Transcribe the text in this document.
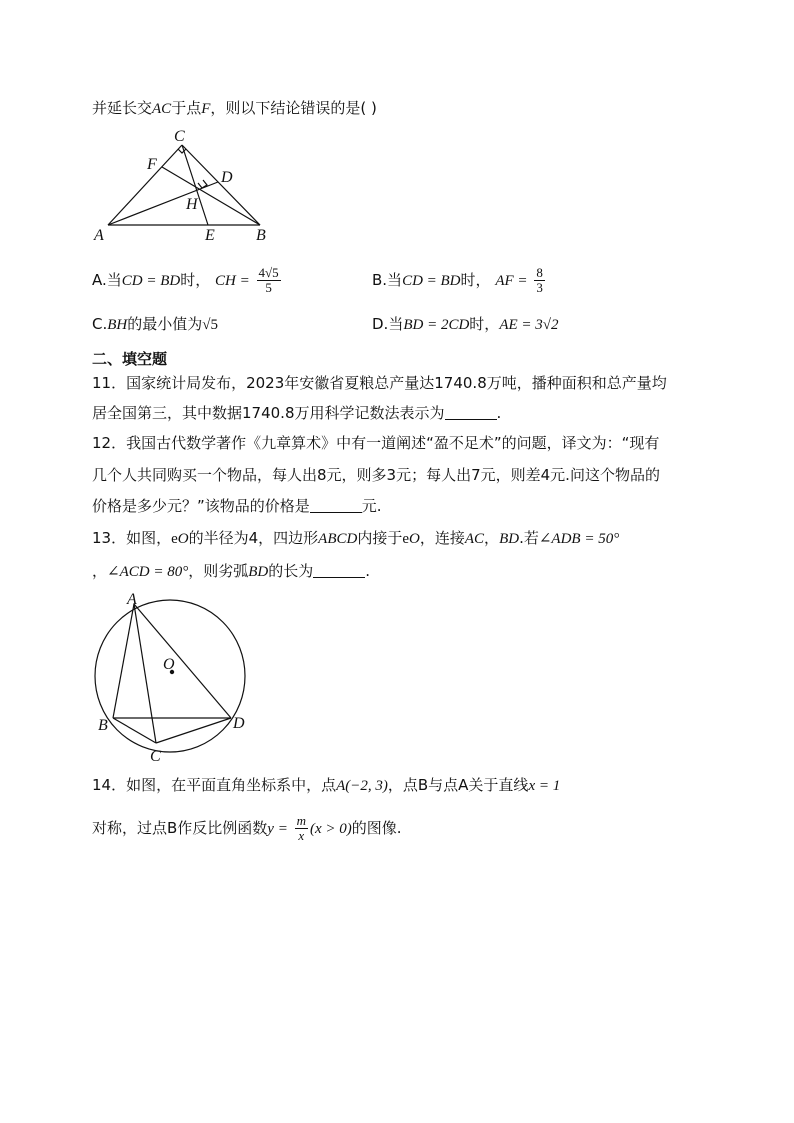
并延长交AC于点F，则以下结论错误的是( )
C
F
D
H
A	E	B
A.当CD = BD时， CH = $\frac{4√5}{5}$	B.当CD = BD时， AF = $\frac{8}{3}$
C.BH的最小值为√5	D.当BD = 2CD时，AE = 3√2
二、填空题
11．国家统计局发布，2023年安徽省夏粮总产量达1740.8万吨，播种面积和总产量均
居全国第三，其中数据1740.8万用科学记数法表示为	.
12．我国古代数学著作《九章算术》中有一道阐述“盈不足术”的问题，译文为：“现有
几个人共同购买一个物品，每人出8元，则多3元；每人出7元，则差4元.问这个物品的
价格是多少元？”该物品的价格是	元.
13．如图，eO的半径为4，四边形ABCD内接于eO，连接AC，BD.若∠ADB = 50°
，∠ACD = 80°，则劣弧BD的长为	.
A
O
B
C
D
14．如图，在平面直角坐标系中，点A(−2, 3)，点B与点A关于直线x = 1
对称，过点B作反比例函数$y = \frac{m}{x} (x > 0)$的图像.
